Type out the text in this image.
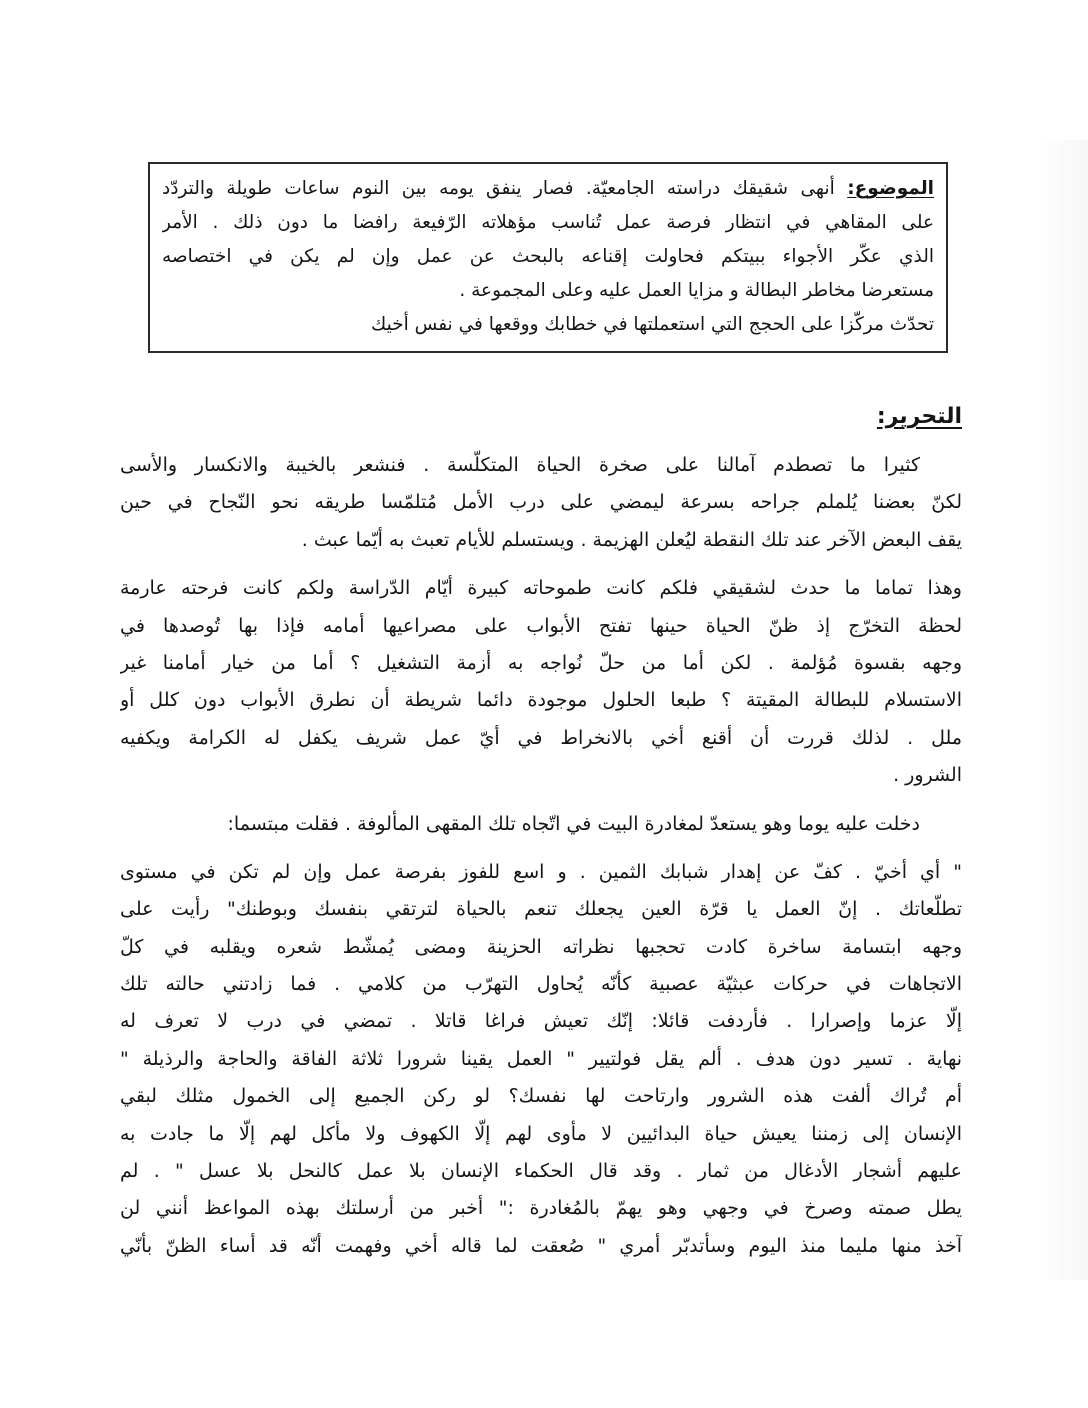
الموضوع: أنهى شقيقك دراسته الجامعيّة. فصار ينفق يومه بين النوم ساعات طويلة والتردّد
على المقاهي في انتظار فرصة عمل تُناسب مؤهلاته الرّفيعة رافضا ما دون ذلك . الأمر
الذي عكّر الأجواء ببيتكم فحاولت إقناعه بالبحث عن عمل وإن لم يكن في اختصاصه
مستعرضا مخاطر البطالة و مزايا العمل عليه وعلى المجموعة .
تحدّث مركّزا على الحجج التي استعملتها في خطابك ووقعها في نفس أخيك
التحرير:
كثيرا ما تصطدم آمالنا على صخرة الحياة المتكلّسة . فنشعر بالخيبة والانكسار والأسى
لكنّ بعضنا يُلملم جراحه بسرعة ليمضي على درب الأمل مُتلمّسا طريقه نحو النّجاح في حين
يقف البعض الآخر عند تلك النقطة ليُعلن الهزيمة . ويستسلم للأيام تعبث به أيّما عبث .
وهذا تماما ما حدث لشقيقي فلكم كانت طموحاته كبيرة أيّام الدّراسة ولكم كانت فرحته عارمة
لحظة التخرّج إذ ظنّ الحياة حينها تفتح الأبواب على مصراعيها أمامه فإذا بها تُوصدها في
وجهه بقسوة مُؤلمة . لكن أما من حلّ نُواجه به أزمة التشغيل ؟ أما من خيار أمامنا غير
الاستسلام للبطالة المقيتة ؟ طبعا الحلول موجودة دائما شريطة أن نطرق الأبواب دون كلل أو
ملل . لذلك قررت أن أقنع أخي بالانخراط في أيّ عمل شريف يكفل له الكرامة ويكفيه
الشرور .
دخلت عليه يوما وهو يستعدّ لمغادرة البيت في اتّجاه تلك المقهى المألوفة . فقلت مبتسما:
" أي أخيّ . كفّ عن إهدار شبابك الثمين . و اسع للفوز بفرصة عمل وإن لم تكن في مستوى
تطلّعاتك . إنّ العمل يا قرّة العين يجعلك تنعم بالحياة لترتقي بنفسك وبوطنك" رأيت على
وجهه ابتسامة ساخرة كادت تحجبها نظراته الحزينة ومضى يُمشّط شعره ويقلبه في كلّ
الاتجاهات في حركات عبثيّة عصبية كأنّه يُحاول التهرّب من كلامي . فما زادتني حالته تلك
إلّا عزما وإصرارا . فأردفت قائلا: إنّك تعيش فراغا قاتلا . تمضي في درب لا تعرف له
نهاية . تسير دون هدف . ألم يقل فولتيير " العمل يقينا شرورا ثلاثة الفاقة والحاجة والرذيلة "
أم تُراك ألفت هذه الشرور وارتاحت لها نفسك؟ لو ركن الجميع إلى الخمول مثلك لبقي
الإنسان إلى زمننا يعيش حياة البدائيين لا مأوى لهم إلّا الكهوف ولا مأكل لهم إلّا ما جادت به
عليهم أشجار الأدغال من ثمار . وقد قال الحكماء الإنسان بلا عمل كالنحل بلا عسل " . لم
يطل صمته وصرخ في وجهي وهو يهمّ بالمُغادرة :" أخبر من أرسلتك بهذه المواعظ أنني لن
آخذ منها مليما منذ اليوم وسأتدبّر أمري " صُعقت لما قاله أخي وفهمت أنّه قد أساء الظنّ بأنّي
